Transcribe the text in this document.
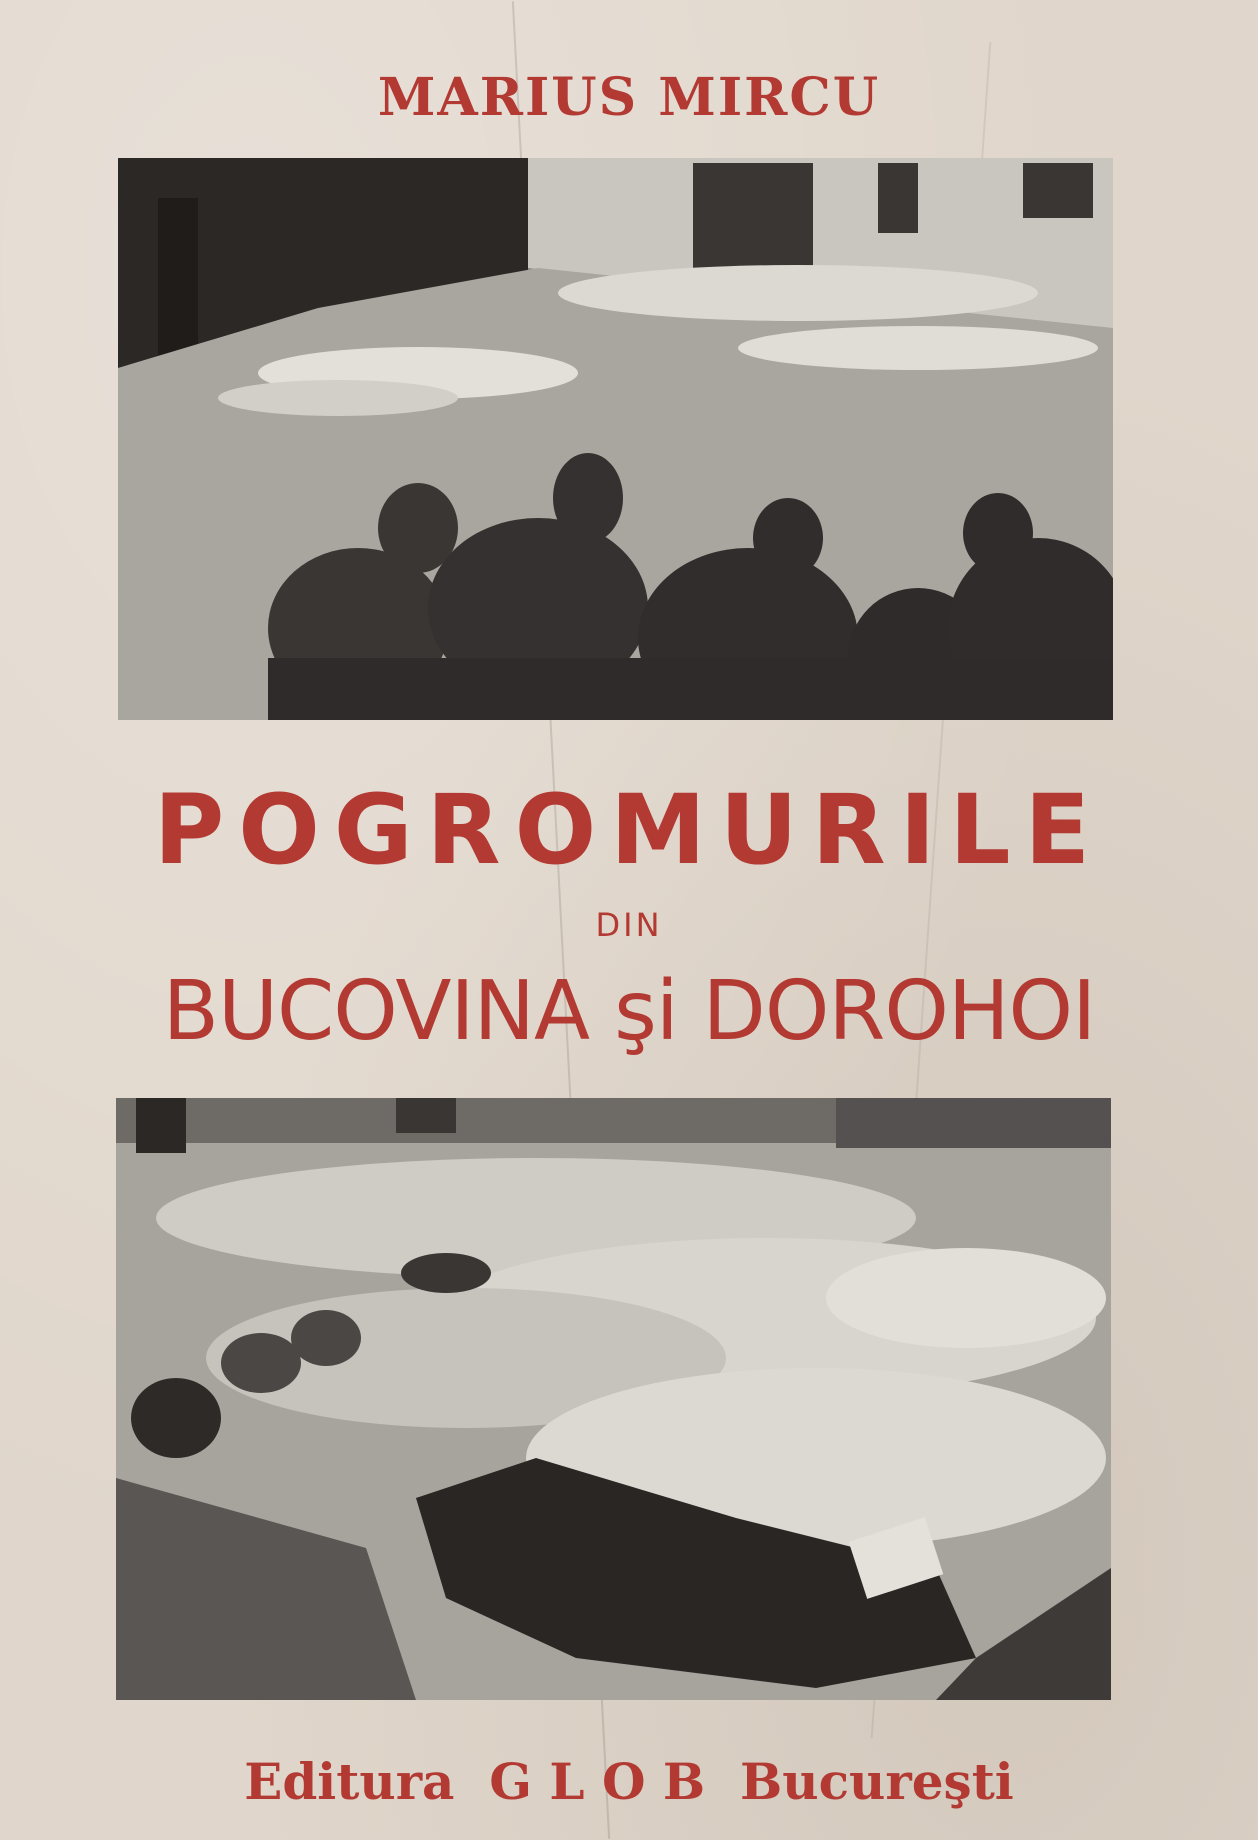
MARIUS MIRCU
POGROMURILE
DIN
BUCOVINA şi DOROHOI
Editura  G L O B  Bucureşti
